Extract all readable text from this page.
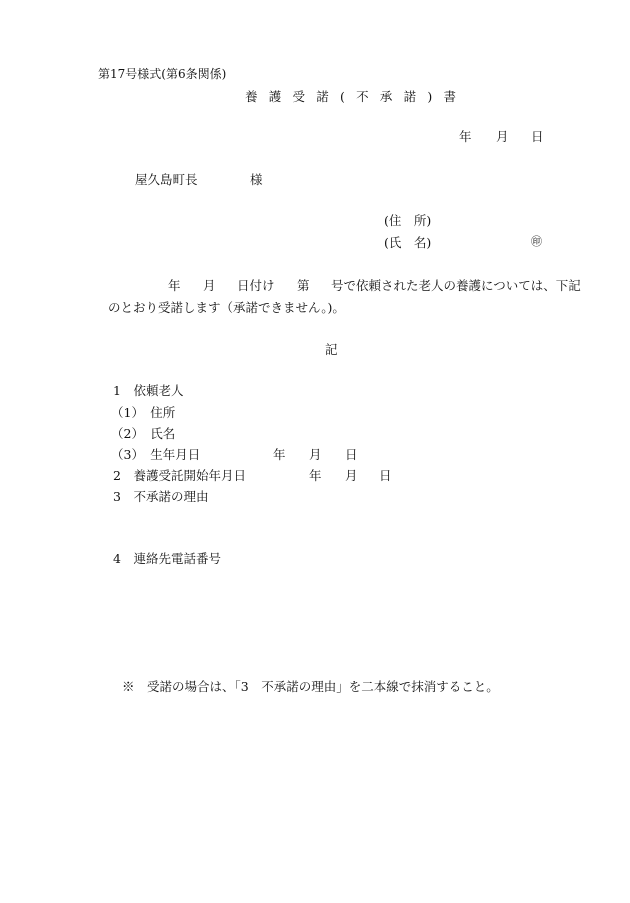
第17号様式(第6条関係)
養護受諾(不承諾)書
年 月 日
屋久島町長	様
(住　所)
(氏　名)	㊞
年 月 日付け 第 号で依頼された老人の養護については、下記
のとおり受諾します（承諾できません。)。
記
1　依頼老人
（1）　住所
（2）　氏名
（3）　生年月日	年 月 日
2　養護受託開始年月日	年 月 日
3　不承諾の理由
4　連絡先電話番号
※　受諾の場合は、「3　不承諾の理由」を二本線で抹消すること。
